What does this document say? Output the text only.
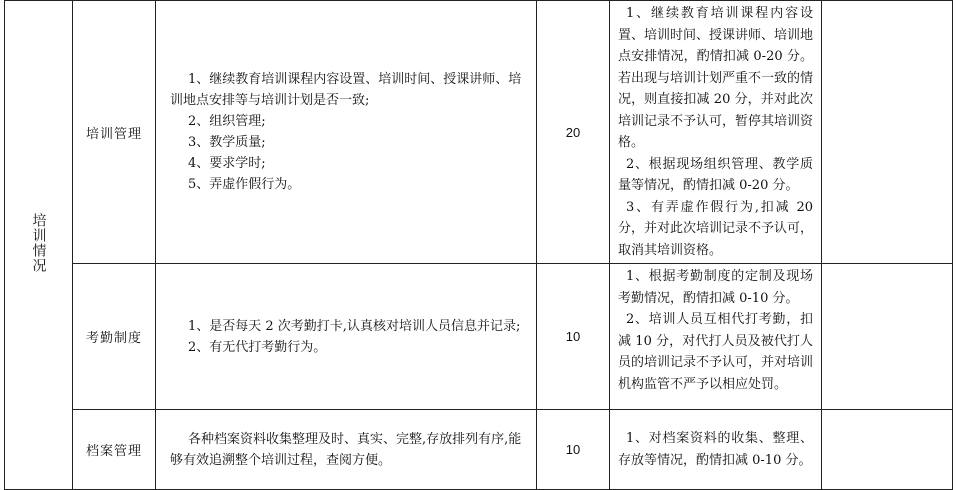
培训情况	培训管理	1、继续教育培训课程内容设置、培训时间、授课讲师、培训地点安排等与培训计划是否一致;
2、组织管理;
3、教学质量;
4、要求学时;
5、弄虚作假行为。	20	1、继续教育培训课程内容设置、培训时间、授课讲师、培训地点安排情况，酌情扣减 0-20 分。若出现与培训计划严重不一致的情况，则直接扣减 20 分，并对此次培训记录不予认可，暂停其培训资格。
2、根据现场组织管理、教学质量等情况，酌情扣减 0-20 分。
3、有弄虚作假行为,扣减 20 分，并对此次培训记录不予认可，取消其培训资格。	

	考勤制度	1、是否每天 2 次考勤打卡,认真核对培训人员信息并记录;
2、有无代打考勤行为。	10	1、根据考勤制度的定制及现场考勤情况，酌情扣减 0-10 分。
2、培训人员互相代打考勤，扣减 10 分，对代打人员及被代打人员的培训记录不予认可，并对培训机构监管不严予以相应处罚。	

	档案管理	各种档案资料收集整理及时、真实、完整,存放排列有序,能够有效追溯整个培训过程，查阅方便。	10	1、对档案资料的收集、整理、存放等情况，酌情扣减 0-10 分。	
